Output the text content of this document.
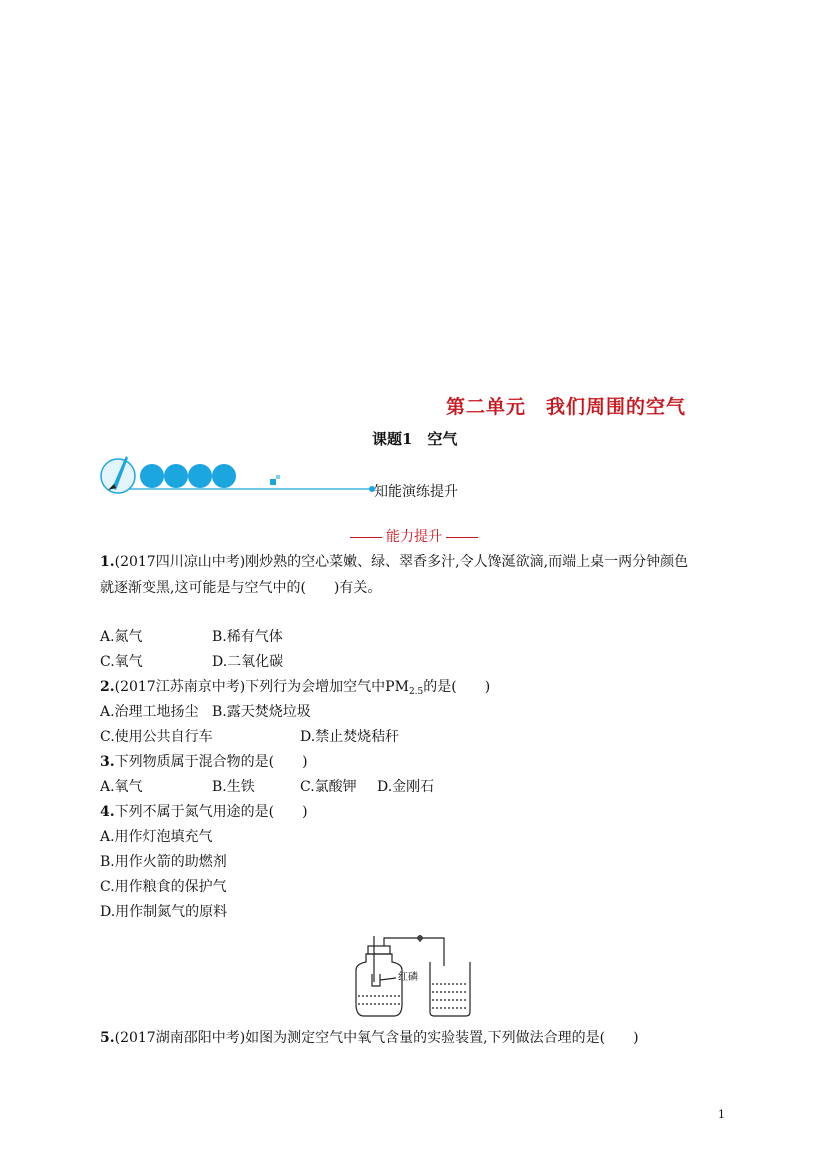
第二单元　我们周围的空气
课题1　空气
知能演练提升
能力提升
1.(2017四川凉山中考)刚炒熟的空心菜嫩、绿、翠香多汁,令人馋涎欲滴,而端上桌一两分钟颜色
就逐渐变黑,这可能是与空气中的(　　)有关。
A.氮气	B.稀有气体
C.氧气	D.二氧化碳
2.(2017江苏南京中考)下列行为会增加空气中$PM_{2.5}$的是(　　)
A.治理工地扬尘 B.露天焚烧垃圾
C.使用公共自行车	D.禁止焚烧秸秆
3.下列物质属于混合物的是(　　)
A.氧气	B.生铁	C.氯酸钾 D.金刚石
4.下列不属于氮气用途的是(　　)
A.用作灯泡填充气
B.用作火箭的助燃剂
C.用作粮食的保护气
D.用作制氮气的原料
红磷
5.(2017湖南邵阳中考)如图为测定空气中氧气含量的实验装置,下列做法合理的是(　　)
1
